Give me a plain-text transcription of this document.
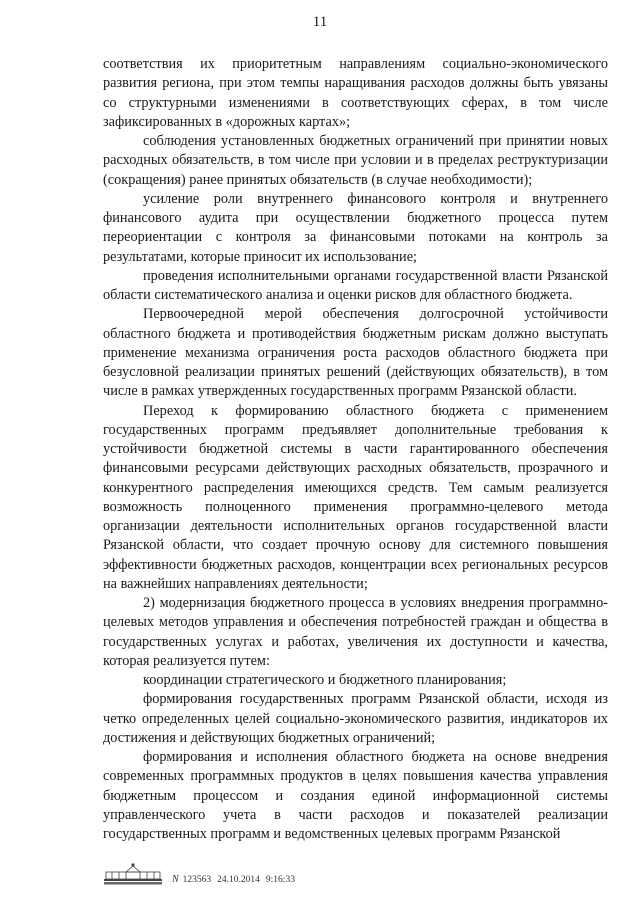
11

соответствия их приоритетным направлениям социально-экономического развития региона, при этом темпы наращивания расходов должны быть увязаны со структурными изменениями в соответствующих сферах, в том числе зафиксированных в «дорожных картах»;

соблюдения установленных бюджетных ограничений при принятии новых расходных обязательств, в том числе при условии и в пределах реструктуризации (сокращения) ранее принятых обязательств (в случае необходимости);

усиление роли внутреннего финансового контроля и внутреннего финансового аудита при осуществлении бюджетного процесса путем переориентации с контроля за финансовыми потоками на контроль за результатами, которые приносит их использование;

проведения исполнительными органами государственной власти Рязанской области систематического анализа и оценки рисков для областного бюджета.

Первоочередной мерой обеспечения долгосрочной устойчивости областного бюджета и противодействия бюджетным рискам должно выступать применение механизма ограничения роста расходов областного бюджета при безусловной реализации принятых решений (действующих обязательств), в том числе в рамках утвержденных государственных программ Рязанской области.

Переход к формированию областного бюджета с применением государственных программ предъявляет дополнительные требования к устойчивости бюджетной системы в части гарантированного обеспечения финансовыми ресурсами действующих расходных обязательств, прозрачного и конкурентного распределения имеющихся средств. Тем самым реализуется возможность полноценного применения программно-целевого метода организации деятельности исполнительных органов государственной власти Рязанской области, что создает прочную основу для системного повышения эффективности бюджетных расходов, концентрации всех региональных ресурсов на важнейших направлениях деятельности;

2) модернизация бюджетного процесса в условиях внедрения программно-целевых методов управления и обеспечения потребностей граждан и общества в государственных услугах и работах, увеличения их доступности и качества, которая реализуется путем:

координации стратегического и бюджетного планирования;

формирования государственных программ Рязанской области, исходя из четко определенных целей социально-экономического развития, индикаторов их достижения и действующих бюджетных ограничений;

формирования и исполнения областного бюджета на основе внедрения современных программных продуктов в целях повышения качества управления бюджетным процессом и создания единой информационной системы управленческого учета в части расходов и показателей реализации государственных программ и ведомственных целевых программ Рязанской

N 123563 24.10.2014 9:16:33
